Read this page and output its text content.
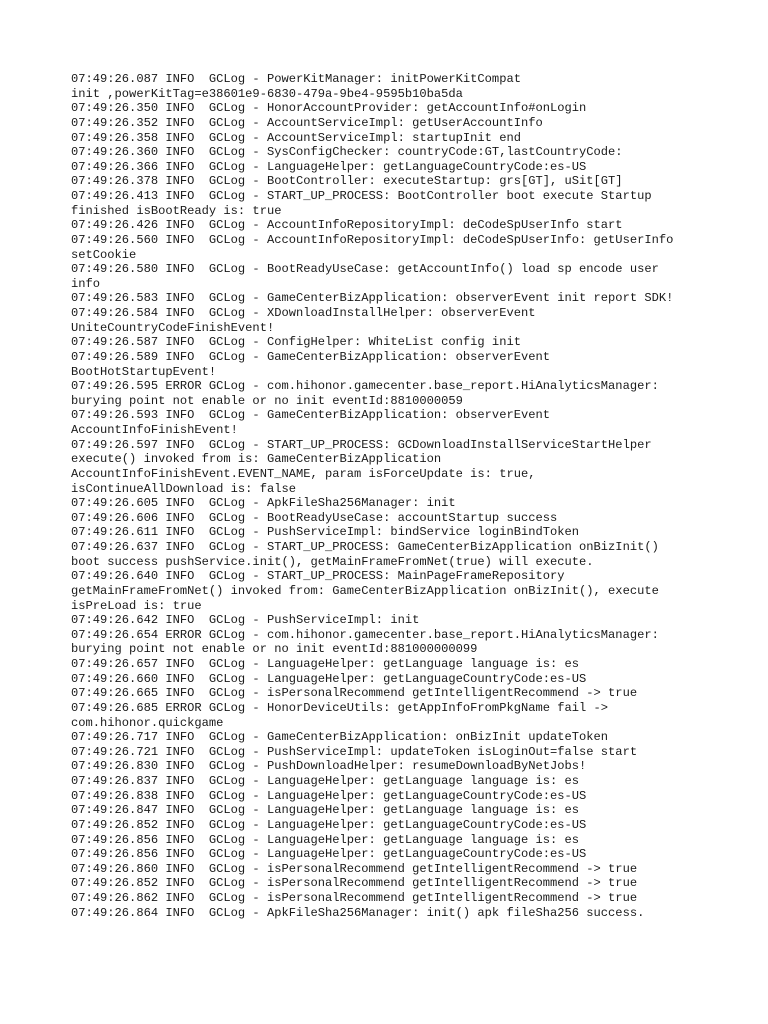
07:49:26.087 INFO  GCLog - PowerKitManager: initPowerKitCompat
init ,powerKitTag=e38601e9-6830-479a-9be4-9595b10ba5da
07:49:26.350 INFO  GCLog - HonorAccountProvider: getAccountInfo#onLogin
07:49:26.352 INFO  GCLog - AccountServiceImpl: getUserAccountInfo
07:49:26.358 INFO  GCLog - AccountServiceImpl: startupInit end
07:49:26.360 INFO  GCLog - SysConfigChecker: countryCode:GT,lastCountryCode:
07:49:26.366 INFO  GCLog - LanguageHelper: getLanguageCountryCode:es-US
07:49:26.378 INFO  GCLog - BootController: executeStartup: grs[GT], uSit[GT]
07:49:26.413 INFO  GCLog - START_UP_PROCESS: BootController boot execute Startup
finished isBootReady is: true
07:49:26.426 INFO  GCLog - AccountInfoRepositoryImpl: deCodeSpUserInfo start
07:49:26.560 INFO  GCLog - AccountInfoRepositoryImpl: deCodeSpUserInfo: getUserInfo
setCookie
07:49:26.580 INFO  GCLog - BootReadyUseCase: getAccountInfo() load sp encode user
info
07:49:26.583 INFO  GCLog - GameCenterBizApplication: observerEvent init report SDK!
07:49:26.584 INFO  GCLog - XDownloadInstallHelper: observerEvent
UniteCountryCodeFinishEvent!
07:49:26.587 INFO  GCLog - ConfigHelper: WhiteList config init
07:49:26.589 INFO  GCLog - GameCenterBizApplication: observerEvent
BootHotStartupEvent!
07:49:26.595 ERROR GCLog - com.hihonor.gamecenter.base_report.HiAnalyticsManager:
burying point not enable or no init eventId:8810000059
07:49:26.593 INFO  GCLog - GameCenterBizApplication: observerEvent
AccountInfoFinishEvent!
07:49:26.597 INFO  GCLog - START_UP_PROCESS: GCDownloadInstallServiceStartHelper
execute() invoked from is: GameCenterBizApplication
AccountInfoFinishEvent.EVENT_NAME, param isForceUpdate is: true,
isContinueAllDownload is: false
07:49:26.605 INFO  GCLog - ApkFileSha256Manager: init
07:49:26.606 INFO  GCLog - BootReadyUseCase: accountStartup success
07:49:26.611 INFO  GCLog - PushServiceImpl: bindService loginBindToken
07:49:26.637 INFO  GCLog - START_UP_PROCESS: GameCenterBizApplication onBizInit()
boot success pushService.init(), getMainFrameFromNet(true) will execute.
07:49:26.640 INFO  GCLog - START_UP_PROCESS: MainPageFrameRepository
getMainFrameFromNet() invoked from: GameCenterBizApplication onBizInit(), execute
isPreLoad is: true
07:49:26.642 INFO  GCLog - PushServiceImpl: init
07:49:26.654 ERROR GCLog - com.hihonor.gamecenter.base_report.HiAnalyticsManager:
burying point not enable or no init eventId:881000000099
07:49:26.657 INFO  GCLog - LanguageHelper: getLanguage language is: es
07:49:26.660 INFO  GCLog - LanguageHelper: getLanguageCountryCode:es-US
07:49:26.665 INFO  GCLog - isPersonalRecommend getIntelligentRecommend -> true
07:49:26.685 ERROR GCLog - HonorDeviceUtils: getAppInfoFromPkgName fail ->
com.hihonor.quickgame
07:49:26.717 INFO  GCLog - GameCenterBizApplication: onBizInit updateToken
07:49:26.721 INFO  GCLog - PushServiceImpl: updateToken isLoginOut=false start
07:49:26.830 INFO  GCLog - PushDownloadHelper: resumeDownloadByNetJobs!
07:49:26.837 INFO  GCLog - LanguageHelper: getLanguage language is: es
07:49:26.838 INFO  GCLog - LanguageHelper: getLanguageCountryCode:es-US
07:49:26.847 INFO  GCLog - LanguageHelper: getLanguage language is: es
07:49:26.852 INFO  GCLog - LanguageHelper: getLanguageCountryCode:es-US
07:49:26.856 INFO  GCLog - LanguageHelper: getLanguage language is: es
07:49:26.856 INFO  GCLog - LanguageHelper: getLanguageCountryCode:es-US
07:49:26.860 INFO  GCLog - isPersonalRecommend getIntelligentRecommend -> true
07:49:26.852 INFO  GCLog - isPersonalRecommend getIntelligentRecommend -> true
07:49:26.862 INFO  GCLog - isPersonalRecommend getIntelligentRecommend -> true
07:49:26.864 INFO  GCLog - ApkFileSha256Manager: init() apk fileSha256 success.
